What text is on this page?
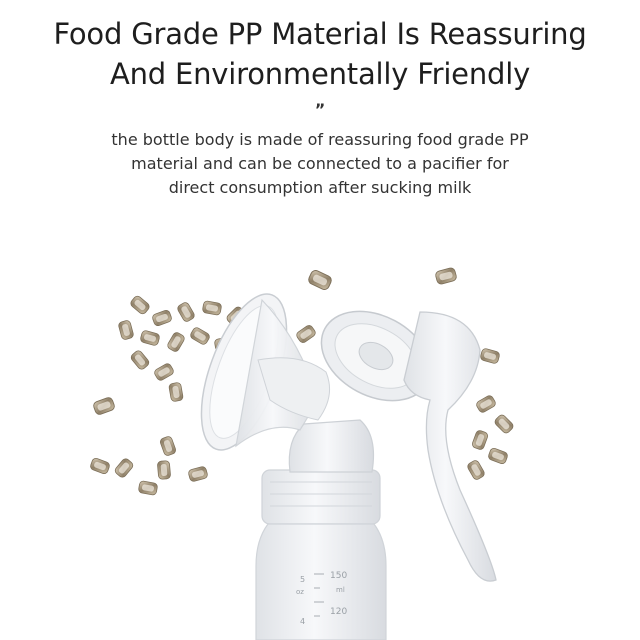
Food Grade PP Material Is Reassuring
And Environmentally Friendly
”
the bottle body is made of reassuring food grade PP
material and can be connected to a pacifier for
direct consumption after sucking milk
5
oz
4
150
ml
120
